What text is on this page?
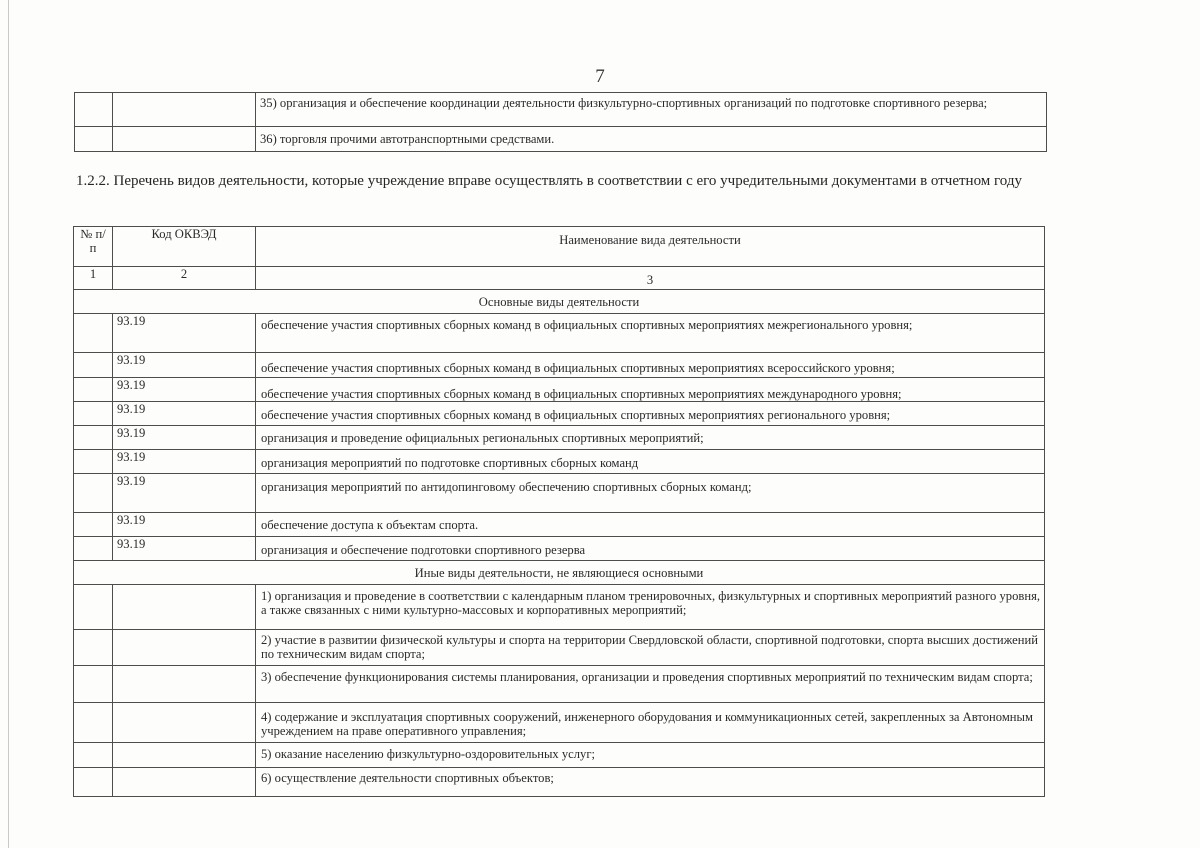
7
		35) организация и обеспечение координации деятельности физкультурно-спортивных организаций по подготовке спортивного резерва;
		36) торговля прочими автотранспортными средствами.
1.2.2. Перечень видов деятельности, которые учреждение вправе осуществлять в соответствии с его учредительными документами в отчетном году
№ п/п	Код ОКВЭД	Наименование вида деятельности
1	2	3
Основные виды деятельности		
	93.19	обеспечение участия спортивных сборных команд в официальных спортивных мероприятиях межрегионального уровня;
	93.19	обеспечение участия спортивных сборных команд в официальных спортивных мероприятиях всероссийского уровня;
	93.19	обеспечение участия спортивных сборных команд в официальных спортивных мероприятиях международного уровня;
	93.19	обеспечение участия спортивных сборных команд в официальных спортивных мероприятиях регионального уровня;
	93.19	организация и проведение официальных региональных спортивных мероприятий;
	93.19	организация мероприятий по подготовке спортивных сборных команд
	93.19	организация мероприятий по антидопинговому обеспечению спортивных сборных команд;
	93.19	обеспечение доступа к объектам спорта.
	93.19	организация и обеспечение подготовки спортивного резерва
Иные виды деятельности, не являющиеся основными		
		1) организация и проведение в соответствии с календарным планом тренировочных, физкультурных и спортивных мероприятий разного уровня, а также связанных с ними культурно-массовых и корпоративных мероприятий;
		2) участие в развитии физической культуры и спорта на территории Свердловской области, спортивной подготовки, спорта высших достижений по техническим видам спорта;
		3) обеспечение функционирования системы планирования, организации и проведения спортивных мероприятий по техническим видам спорта;
		4) содержание и эксплуатация спортивных сооружений, инженерного оборудования и коммуникационных сетей, закрепленных за Автономным учреждением на праве оперативного управления;
		5) оказание населению физкультурно-оздоровительных услуг;
		6) осуществление деятельности спортивных объектов;
